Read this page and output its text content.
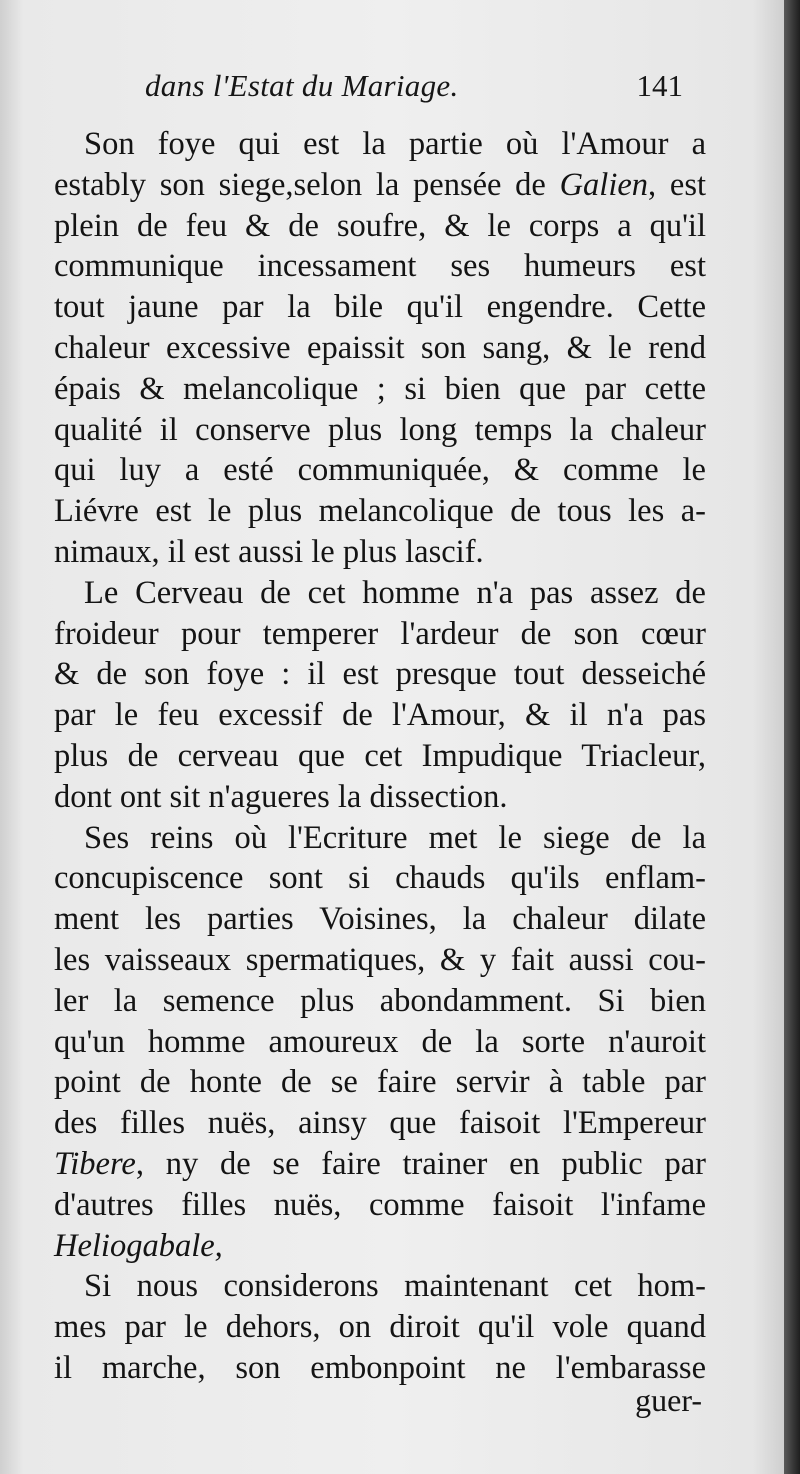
dans l'Estat du Mariage.	141
Son foye qui est la partie où l'Amour a
estably son siege,selon la pensée de Galien, est
plein de feu & de soufre, & le corps a qu'il
communique incessament ses humeurs est
tout jaune par la bile qu'il engendre. Cette
chaleur excessive epaissit son sang, & le rend
épais & melancolique ; si bien que par cette
qualité il conserve plus long temps la chaleur
qui luy a esté communiquée, & comme le
Liévre est le plus melancolique de tous les a-
nimaux, il est aussi le plus lascif.
Le Cerveau de cet homme n'a pas assez de
froideur pour temperer l'ardeur de son cœur
& de son foye : il est presque tout desseiché
par le feu excessif de l'Amour, & il n'a pas
plus de cerveau que cet Impudique Triacleur,
dont ont sit n'agueres la dissection.
Ses reins où l'Ecriture met le siege de la
concupiscence sont si chauds qu'ils enflam-
ment les parties Voisines, la chaleur dilate
les vaisseaux spermatiques, & y fait aussi cou-
ler la semence plus abondamment. Si bien
qu'un homme amoureux de la sorte n'auroit
point de honte de se faire servir à table par
des filles nuës, ainsy que faisoit l'Empereur
Tibere, ny de se faire trainer en public par
d'autres filles nuës, comme faisoit l'infame
Heliogabale,
Si nous considerons maintenant cet hom-
mes par le dehors, on diroit qu'il vole quand
il marche, son embonpoint ne l'embarasse
guer-
